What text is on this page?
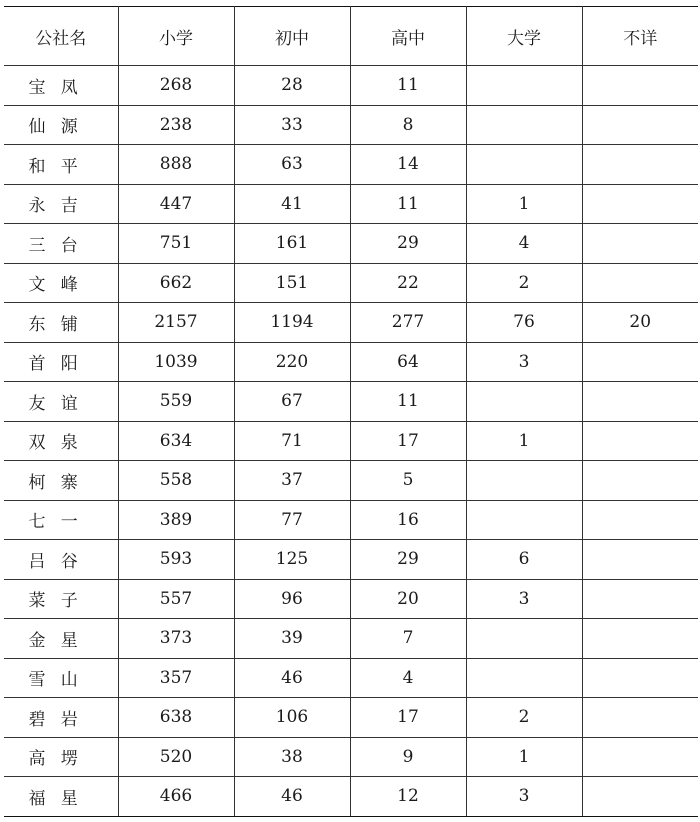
公社名	小学	初中	高中	大学	不详
宝凤	268	28	11		
仙源	238	33	8		
和平	888	63	14		
永吉	447	41	11	1	
三台	751	161	29	4	
文峰	662	151	22	2	
东铺	2157	1194	277	76	20
首阳	1039	220	64	3	
友谊	559	67	11		
双泉	634	71	17	1	
柯寨	558	37	5		
七一	389	77	16		
吕谷	593	125	29	6	
菜子	557	96	20	3	
金星	373	39	7		
雪山	357	46	4		
碧岩	638	106	17	2	
高塄	520	38	9	1	
福星	466	46	12	3	
